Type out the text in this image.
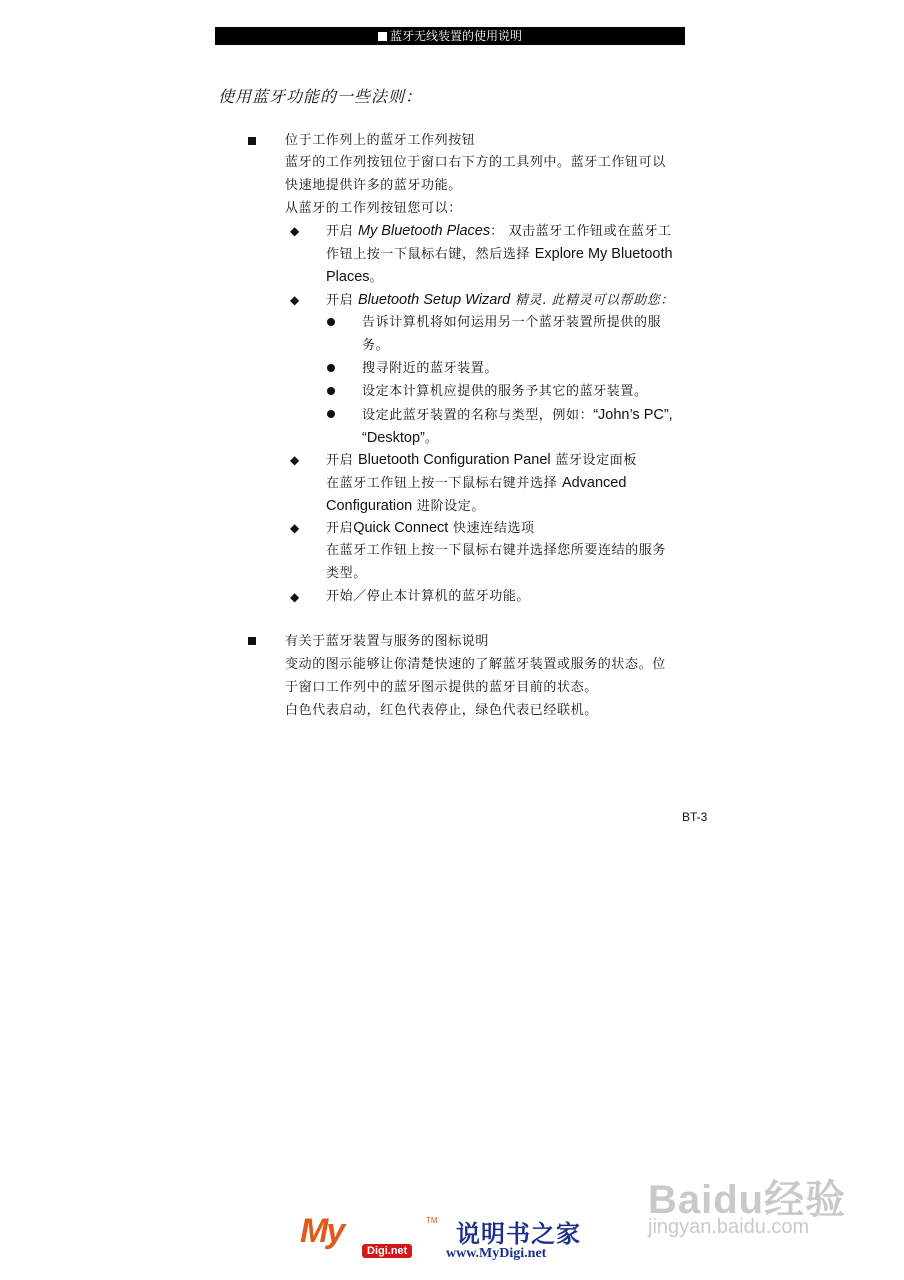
蓝牙无线装置的使用说明
使用蓝牙功能的一些法则：
位于工作列上的蓝牙工作列按钮
蓝牙的工作列按钮位于窗口右下方的工具列中。蓝牙工作钮可以
快速地提供许多的蓝牙功能。
从蓝牙的工作列按钮您可以：
◆ 开启 My Bluetooth Places： 双击蓝牙工作钮或在蓝牙工
作钮上按一下鼠标右键，然后选择 Explore My Bluetooth
Places。
◆ 开启 Bluetooth Setup Wizard 精灵. 此精灵可以帮助您：
告诉计算机将如何运用另一个蓝牙装置所提供的服
务。
搜寻附近的蓝牙装置。
设定本计算机应提供的服务予其它的蓝牙装置。
设定此蓝牙装置的名称与类型，例如：“John’s PC”,
“Desktop”。
◆ 开启 Bluetooth Configuration Panel 蓝牙设定面板
在蓝牙工作钮上按一下鼠标右键并选择 Advanced
Configuration 进阶设定。
◆ 开启Quick Connect 快速连结选项
在蓝牙工作钮上按一下鼠标右键并选择您所要连结的服务
类型。
◆ 开始／停止本计算机的蓝牙功能。
有关于蓝牙装置与服务的图标说明
变动的图示能够让你清楚快速的了解蓝牙装置或服务的状态。位
于窗口工作列中的蓝牙图示提供的蓝牙目前的状态。
白色代表启动，红色代表停止，绿色代表已经联机。
BT-3
Baidu经验
jingyan.baidu.com
My	TM
Digi.net
说明书之家
www.MyDigi.net
